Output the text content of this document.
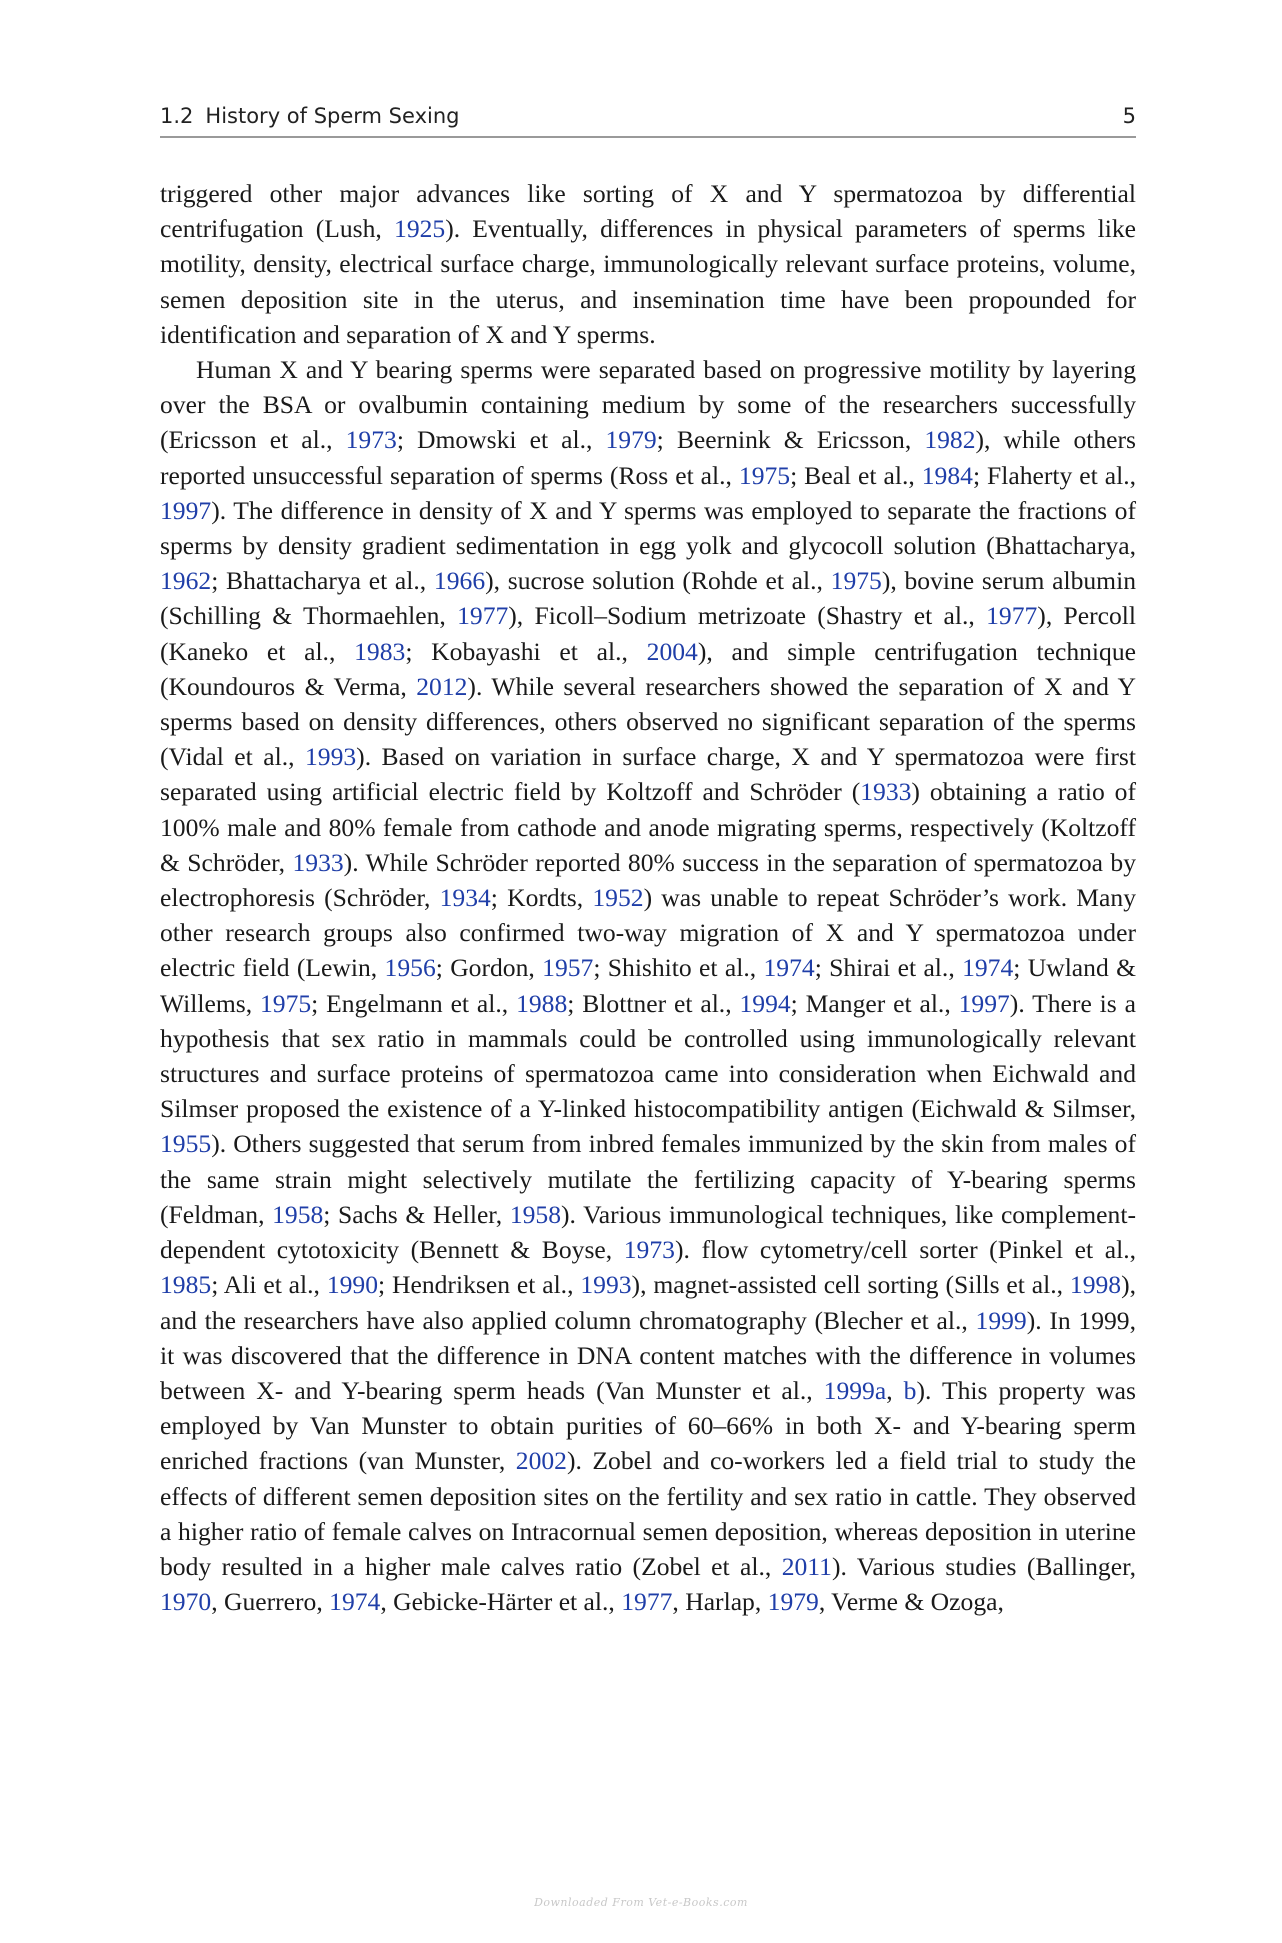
1.2 History of Sperm Sexing	5

triggered other major advances like sorting of X and Y spermatozoa by differential centrifugation (Lush, 1925). Eventually, differences in physical parameters of sperms like motility, density, electrical surface charge, immunologically relevant surface proteins, volume, semen deposition site in the uterus, and insemination time have been propounded for identification and separation of X and Y sperms.

Human X and Y bearing sperms were separated based on progressive motility by layering over the BSA or ovalbumin containing medium by some of the researchers successfully (Ericsson et al., 1973; Dmowski et al., 1979; Beernink & Ericsson, 1982), while others reported unsuccessful separation of sperms (Ross et al., 1975; Beal et al., 1984; Flaherty et al., 1997). The difference in density of X and Y sperms was employed to separate the fractions of sperms by density gradient sedimentation in egg yolk and glycocoll solution (Bhattacharya, 1962; Bhattacharya et al., 1966), sucrose solution (Rohde et al., 1975), bovine serum albumin (Schilling & Thormaehlen, 1977), Ficoll–Sodium metrizoate (Shastry et al., 1977), Percoll (Kaneko et al., 1983; Kobayashi et al., 2004), and simple centrifugation technique (Koundouros & Verma, 2012). While several researchers showed the separation of X and Y sperms based on density differences, others observed no significant separation of the sperms (Vidal et al., 1993). Based on variation in surface charge, X and Y spermatozoa were first separated using artificial electric field by Koltzoff and Schröder (1933) obtaining a ratio of 100% male and 80% female from cathode and anode migrating sperms, respectively (Koltzoff & Schröder, 1933). While Schröder reported 80% success in the separation of spermatozoa by electrophoresis (Schröder, 1934; Kordts, 1952) was unable to repeat Schröder’s work. Many other research groups also confirmed two-way migration of X and Y spermatozoa under electric field (Lewin, 1956; Gordon, 1957; Shishito et al., 1974; Shirai et al., 1974; Uwland & Willems, 1975; Engelmann et al., 1988; Blottner et al., 1994; Manger et al., 1997). There is a hypothesis that sex ratio in mammals could be controlled using immunologically relevant structures and surface proteins of spermatozoa came into consideration when Eichwald and Silmser proposed the existence of a Y-linked histocompatibility antigen (Eichwald & Silmser, 1955). Others suggested that serum from inbred females immunized by the skin from males of the same strain might selectively mutilate the fertilizing capacity of Y-bearing sperms (Feldman, 1958; Sachs & Heller, 1958). Various immunological techniques, like complement-dependent cytotoxicity (Bennett & Boyse, 1973). flow cytometry/cell sorter (Pinkel et al., 1985; Ali et al., 1990; Hendriksen et al., 1993), magnet-assisted cell sorting (Sills et al., 1998), and the researchers have also applied column chromatography (Blecher et al., 1999). In 1999, it was discovered that the difference in DNA content matches with the difference in volumes between X- and Y-bearing sperm heads (Van Munster et al., 1999a, b). This property was employed by Van Munster to obtain purities of 60–66% in both X- and Y-bearing sperm enriched fractions (van Munster, 2002). Zobel and co-workers led a field trial to study the effects of different semen deposition sites on the fertility and sex ratio in cattle. They observed a higher ratio of female calves on Intracornual semen deposition, whereas deposition in uterine body resulted in a higher male calves ratio (Zobel et al., 2011). Various studies (Ballinger, 1970, Guerrero, 1974, Gebicke-Härter et al., 1977, Harlap, 1979, Verme & Ozoga,

Downloaded From Vet-e-Books.com
